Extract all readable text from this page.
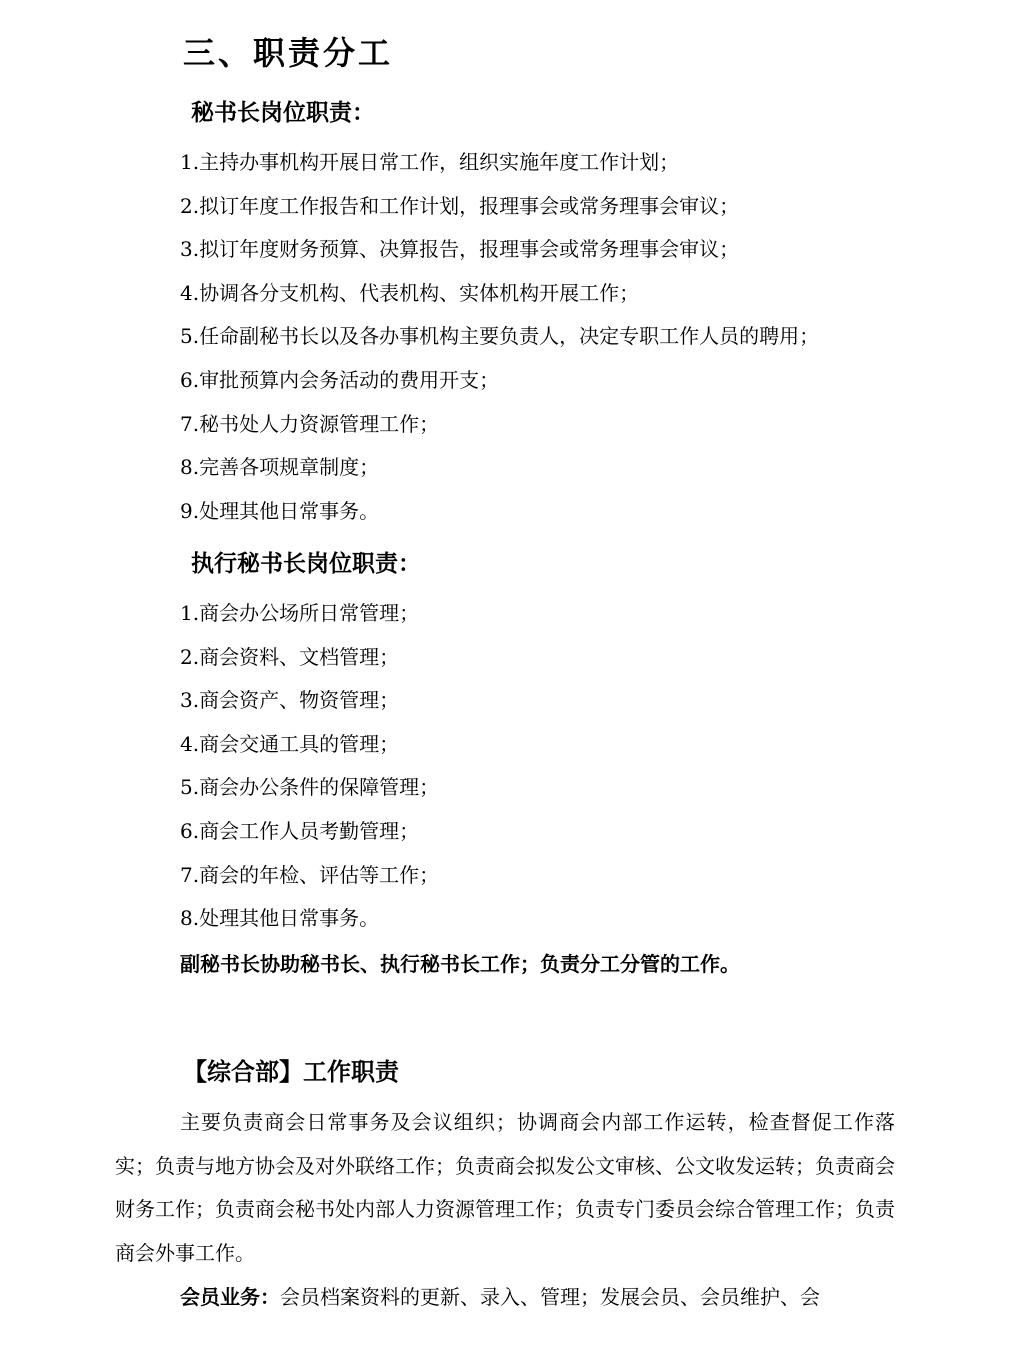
三、职责分工
秘书长岗位职责：
1.主持办事机构开展日常工作，组织实施年度工作计划；
2.拟订年度工作报告和工作计划，报理事会或常务理事会审议；
3.拟订年度财务预算、决算报告，报理事会或常务理事会审议；
4.协调各分支机构、代表机构、实体机构开展工作；
5.任命副秘书长以及各办事机构主要负责人，决定专职工作人员的聘用；
6.审批预算内会务活动的费用开支；
7.秘书处人力资源管理工作；
8.完善各项规章制度；
9.处理其他日常事务。
执行秘书长岗位职责：
1.商会办公场所日常管理；
2.商会资料、文档管理；
3.商会资产、物资管理；
4.商会交通工具的管理；
5.商会办公条件的保障管理；
6.商会工作人员考勤管理；
7.商会的年检、评估等工作；
8.处理其他日常事务。
副秘书长协助秘书长、执行秘书长工作；负责分工分管的工作。
【综合部】工作职责

主要负责商会日常事务及会议组织；协调商会内部工作运转，检查督促工作落实；负责与地方协会及对外联络工作；负责商会拟发公文审核、公文收发运转；负责商会财务工作；负责商会秘书处内部人力资源管理工作；负责专门委员会综合管理工作；负责商会外事工作。

会员业务：会员档案资料的更新、录入、管理；发展会员、会员维护、会
